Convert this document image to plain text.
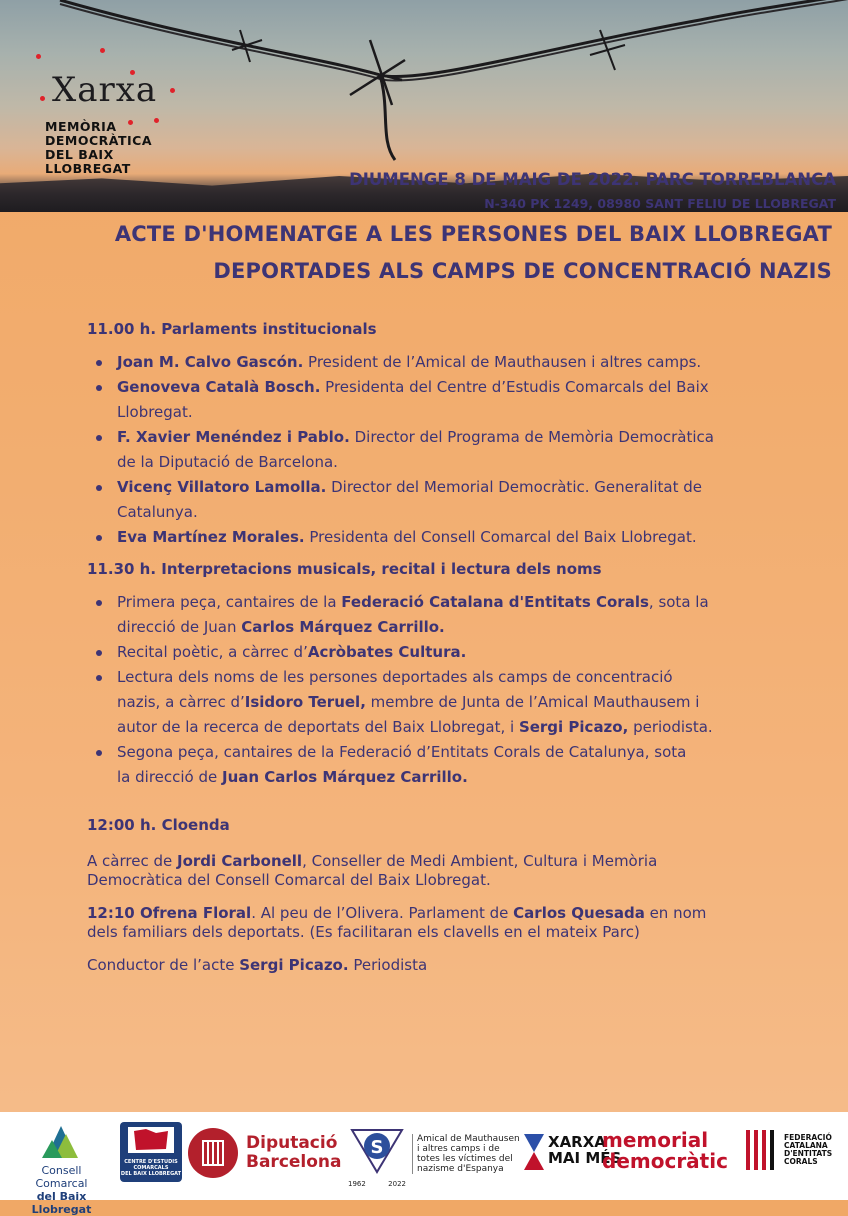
Xarxa
MEMÒRIA
DEMOCRÀTICA
DEL BAIX
LLOBREGAT
DIUMENGE 8 DE MAIG DE 2022. PARC TORREBLANCA
N-340 PK 1249, 08980 SANT FELIU DE LLOBREGAT
ACTE D'HOMENATGE A LES PERSONES DEL BAIX LLOBREGAT
DEPORTADES ALS CAMPS DE CONCENTRACIÓ NAZIS

11.00 h. Parlaments institucionals

Joan M. Calvo Gascón. President de l’Amical de Mauthausen i altres camps.
Genoveva Català Bosch. Presidenta del Centre d’Estudis Comarcals del Baix
Llobregat.
F. Xavier Menéndez i Pablo. Director del Programa de Memòria Democràtica
de la Diputació de Barcelona.
Vicenç Villatoro Lamolla. Director del Memorial Democràtic. Generalitat de
Catalunya.
Eva Martínez Morales. Presidenta del Consell Comarcal del Baix Llobregat.

11.30 h. Interpretacions musicals, recital i lectura dels noms

Primera peça, cantaires de la Federació Catalana d'Entitats Corals, sota la
direcció de Juan Carlos Márquez Carrillo.
Recital poètic, a càrrec d’Acròbates Cultura.
Lectura dels noms de les persones deportades als camps de concentració
nazis, a càrrec d’Isidoro Teruel, membre de Junta de l’Amical Mauthausem i
autor de la recerca de deportats del Baix Llobregat, i Sergi Picazo, periodista.
Segona peça, cantaires de la Federació d’Entitats Corals de Catalunya, sota
la direcció de Juan Carlos Márquez Carrillo.

12:00 h. Cloenda

A càrrec de Jordi Carbonell, Conseller de Medi Ambient, Cultura i Memòria
Democràtica del Consell Comarcal del Baix Llobregat.

12:10 Ofrena Floral. Al peu de l’Olivera. Parlament de Carlos Quesada en nom
dels familiars dels deportats. (Es facilitaran els clavells en el mateix Parc)

Conductor de l’acte Sergi Picazo. Periodista

Consell Comarcal
del Baix Llobregat
CENTRE D'ESTUDIS
COMARCALS
DEL BAIX LLOBREGAT
Diputació
Barcelona
S
1962	2022
Amical de Mauthausen
i altres camps i de
totes les víctimes del
nazisme d'Espanya
XARXA
MAI MÉS
memorial
democràtic
FEDERACIÓ
CATALANA
D'ENTITATS
CORALS
